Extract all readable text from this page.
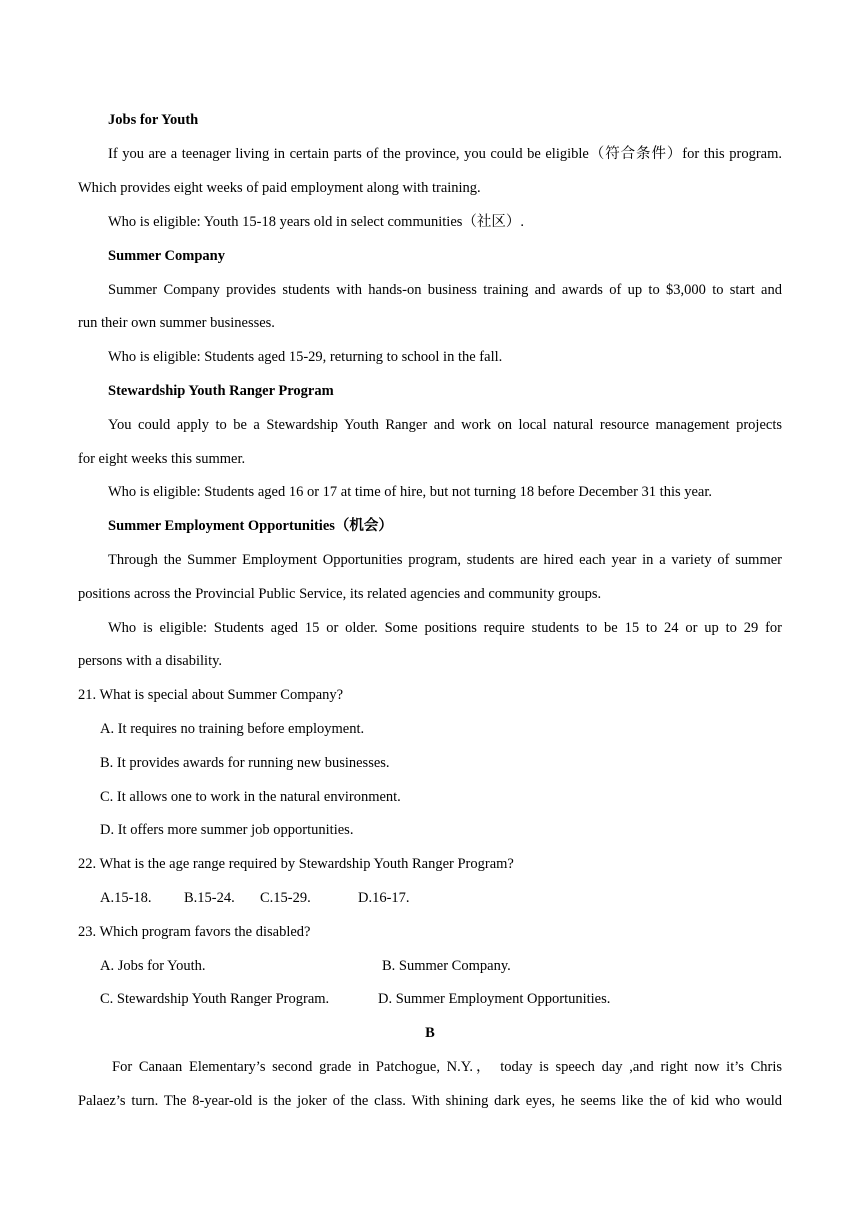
Jobs for Youth
If you are a teenager living in certain parts of the province, you could be eligible（符合条件）for this program.
Which provides eight weeks of paid employment along with training.
Who is eligible: Youth 15-18 years old in select communities（社区）.
Summer Company
Summer Company provides students with hands-on business training and awards of up to $3,000 to start and
run their own summer businesses.
Who is eligible: Students aged 15-29, returning to school in the fall.
Stewardship Youth Ranger Program
You could apply to be a Stewardship Youth Ranger and work on local natural resource management projects
for eight weeks this summer.
Who is eligible: Students aged 16 or 17 at time of hire, but not turning 18 before December 31 this year.
Summer Employment Opportunities（机会）
Through the Summer Employment Opportunities program, students are hired each year in a variety of summer
positions across the Provincial Public Service, its related agencies and community groups.
Who is eligible: Students aged 15 or older. Some positions require students to be 15 to 24 or up to 29 for
persons with a disability.
21. What is special about Summer Company?
A. It requires no training before employment.
B. It provides awards for running new businesses.
C. It allows one to work in the natural environment.
D. It offers more summer job opportunities.
22. What is the age range required by Stewardship Youth Ranger Program?
A.15-18. B.15-24. C.15-29.	D.16-17.
23. Which program favors the disabled?
A. Jobs for Youth.	B. Summer Company.
C. Stewardship Youth Ranger Program.	D. Summer Employment Opportunities.
B
For Canaan Elementary’s second grade in Patchogue, N.Y.， today is speech day ,and right now it’s Chris
Palaez’s turn. The 8-year-old is the joker of the class. With shining dark eyes, he seems like the of kid who would
